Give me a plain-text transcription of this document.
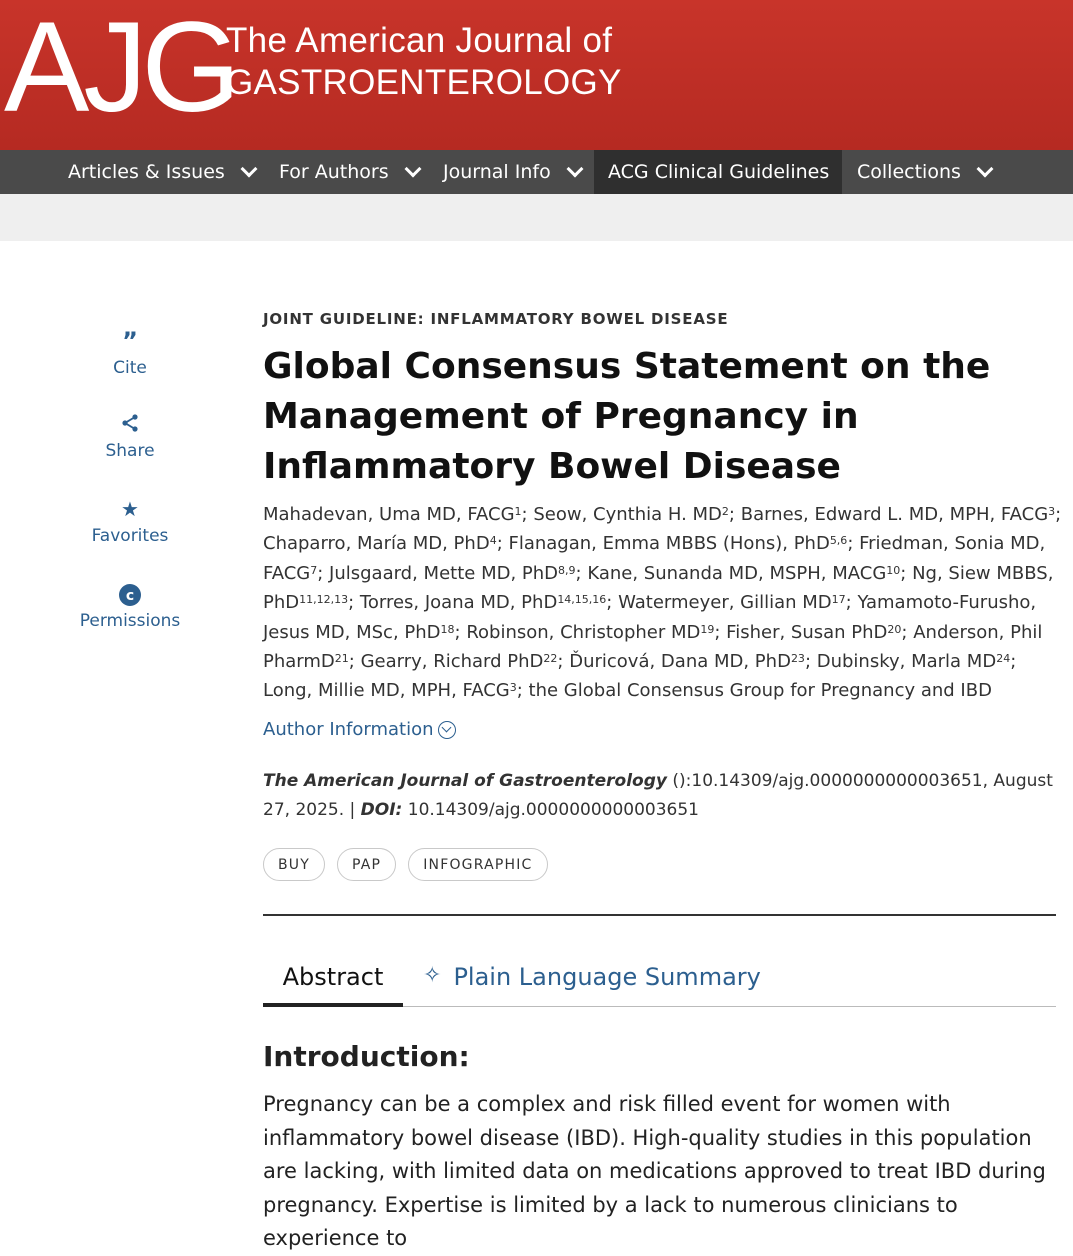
AJG
The American Journal of
GASTROENTEROLOGY
Articles & Issues	For Authors	Journal Info	ACG Clinical Guidelines Collections
”
Cite
Share
★
Favorites
c
Permissions
JOINT GUIDELINE: INFLAMMATORY BOWEL DISEASE
Global Consensus Statement on the Management of Pregnancy in Inflammatory Bowel Disease
Mahadevan, Uma MD, FACG$^1$; Seow, Cynthia H. $MD^2$; Barnes, Edward L. MD, MPH, FACG$^3$; Chaparro, María MD, PhD$^4$; Flanagan, Emma MBBS (Hons), PhD$^{5,6}$; Friedman, Sonia MD, FACG$^7$; Julsgaard, Mette MD, PhD$^{8,9}$; Kane, Sunanda MD, MSPH, MACG$^{10}$; Ng, Siew MBBS, PhD$^{11,12,13}$; Torres, Joana MD, PhD$^{14,15,16}$; Watermeyer, Gillian MD$^{17}$; Yamamoto-Furusho, Jesus MD, MSc, PhD$^{18}$; Robinson, Christopher MD$^{19}$; Fisher, Susan PhD$^{20}$; Anderson, Phil PharmD$^{21}$; Gearry, Richard PhD$^{22}$; Ďuricová, Dana MD, PhD$^{23}$; Dubinsky, Marla MD$^{24}$; Long, Millie MD, MPH, FACG$^3$; the Global Consensus Group for Pregnancy and IBD
Author Information
The American Journal of Gastroenterology ():10.14309/ajg.0000000000003651, August 27, 2025. | DOI: 10.14309/ajg.0000000000003651
BUY	PAP	INFOGRAPHIC
Abstract ✧ Plain Language Summary
Introduction:

Pregnancy can be a complex and risk filled event for women with inflammatory bowel disease (IBD). High-quality studies in this population are lacking, with limited data on medications approved to treat IBD during pregnancy. Expertise is limited by a lack to numerous clinicians to experience to
